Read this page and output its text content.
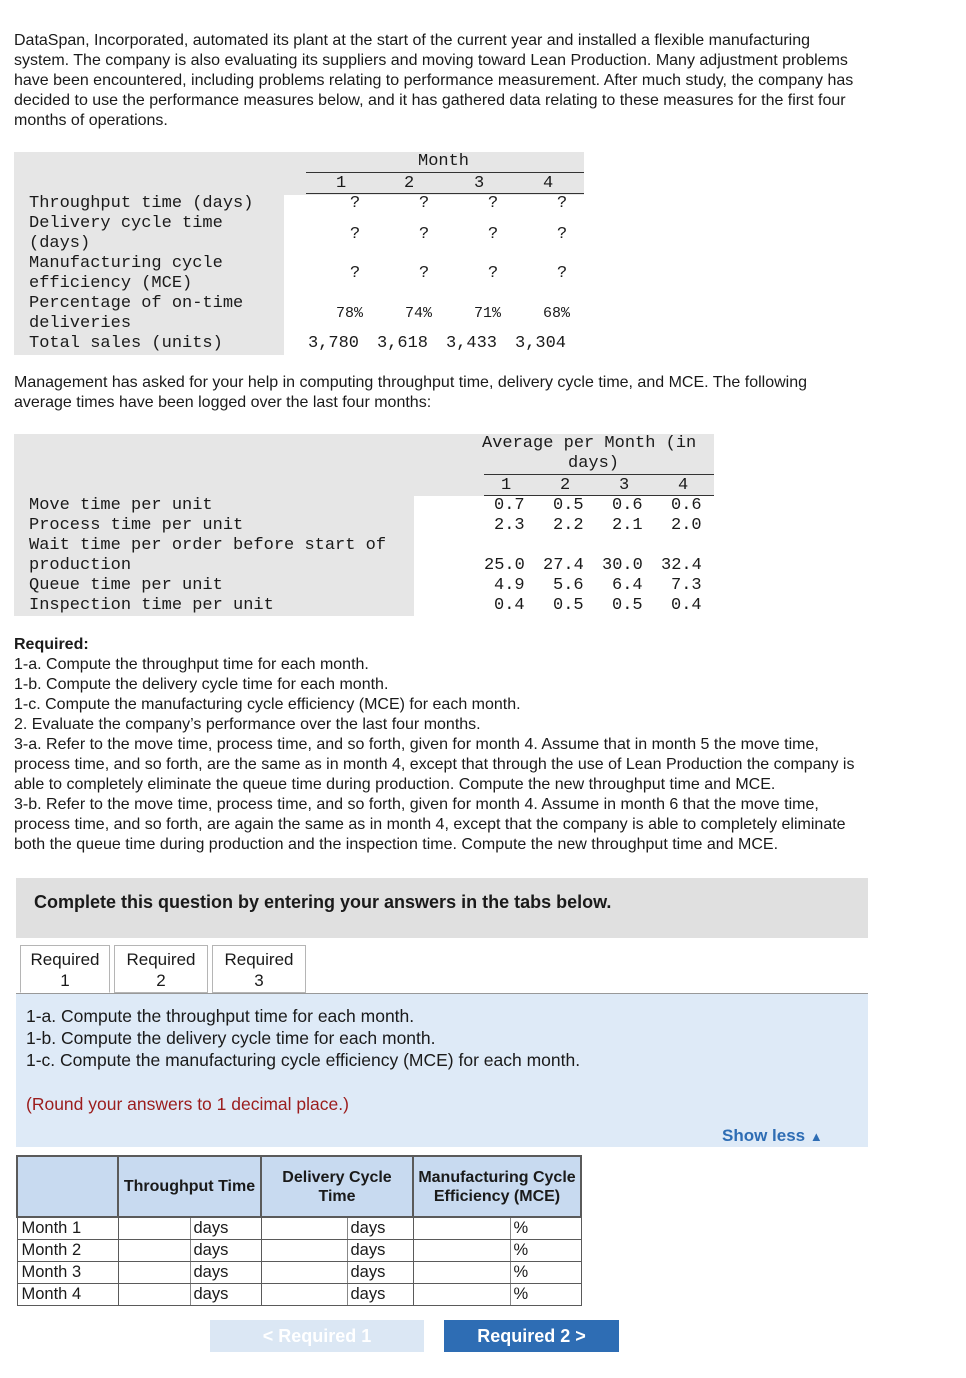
DataSpan, Incorporated, automated its plant at the start of the current year and installed a flexible manufacturing
system. The company is also evaluating its suppliers and moving toward Lean Production. Many adjustment problems
have been encountered, including problems relating to performance measurement. After much study, the company has
decided to use the performance measures below, and it has gathered data relating to these measures for the first four
months of operations.
Month
1	2	3	4
Throughput time (days)	?	?	?	?
Delivery cycle time
(days)	?	?	?	?
Manufacturing cycle
efficiency (MCE)
?	?	?	?
Percentage of on-time
deliveries
78%	74%	71%	68%
Total sales (units)	3,780 3,618 3,433 3,304
Management has asked for your help in computing throughput time, delivery cycle time, and MCE. The following
average times have been logged over the last four months:
Average per Month (in
days)
1	2	3	4
Move time per unit	0.7 0.5 0.6 0.6
Process time per unit	2.3 2.2 2.1 2.0
Wait time per order before start of
production	25.0 27.4 30.0 32.4
Queue time per unit	4.9 5.6 6.4 7.3
Inspection time per unit	0.4 0.5 0.5 0.4
Required:
1-a. Compute the throughput time for each month.
1-b. Compute the delivery cycle time for each month.
1-c. Compute the manufacturing cycle efficiency (MCE) for each month.
2. Evaluate the company’s performance over the last four months.
3-a. Refer to the move time, process time, and so forth, given for month 4. Assume that in month 5 the move time,
process time, and so forth, are the same as in month 4, except that through the use of Lean Production the company is
able to completely eliminate the queue time during production. Compute the new throughput time and MCE.
3-b. Refer to the move time, process time, and so forth, given for month 4. Assume in month 6 that the move time,
process time, and so forth, are again the same as in month 4, except that the company is able to completely eliminate
both the queue time during production and the inspection time. Compute the new throughput time and MCE.
Complete this question by entering your answers in the tabs below.
Required
1
Required
2
Required
3
1-a. Compute the throughput time for each month.
1-b. Compute the delivery cycle time for each month.
1-c. Compute the manufacturing cycle efficiency (MCE) for each month.
(Round your answers to 1 decimal place.)
Show less ▲
	Throughput Time		Delivery Cycle Time		Manufacturing Cycle Efficiency (MCE)	
Month 1		days		days		%
Month 2		days		days		%
Month 3		days		days		%
Month 4		days		days		%
< Required 1	Required 2 >
